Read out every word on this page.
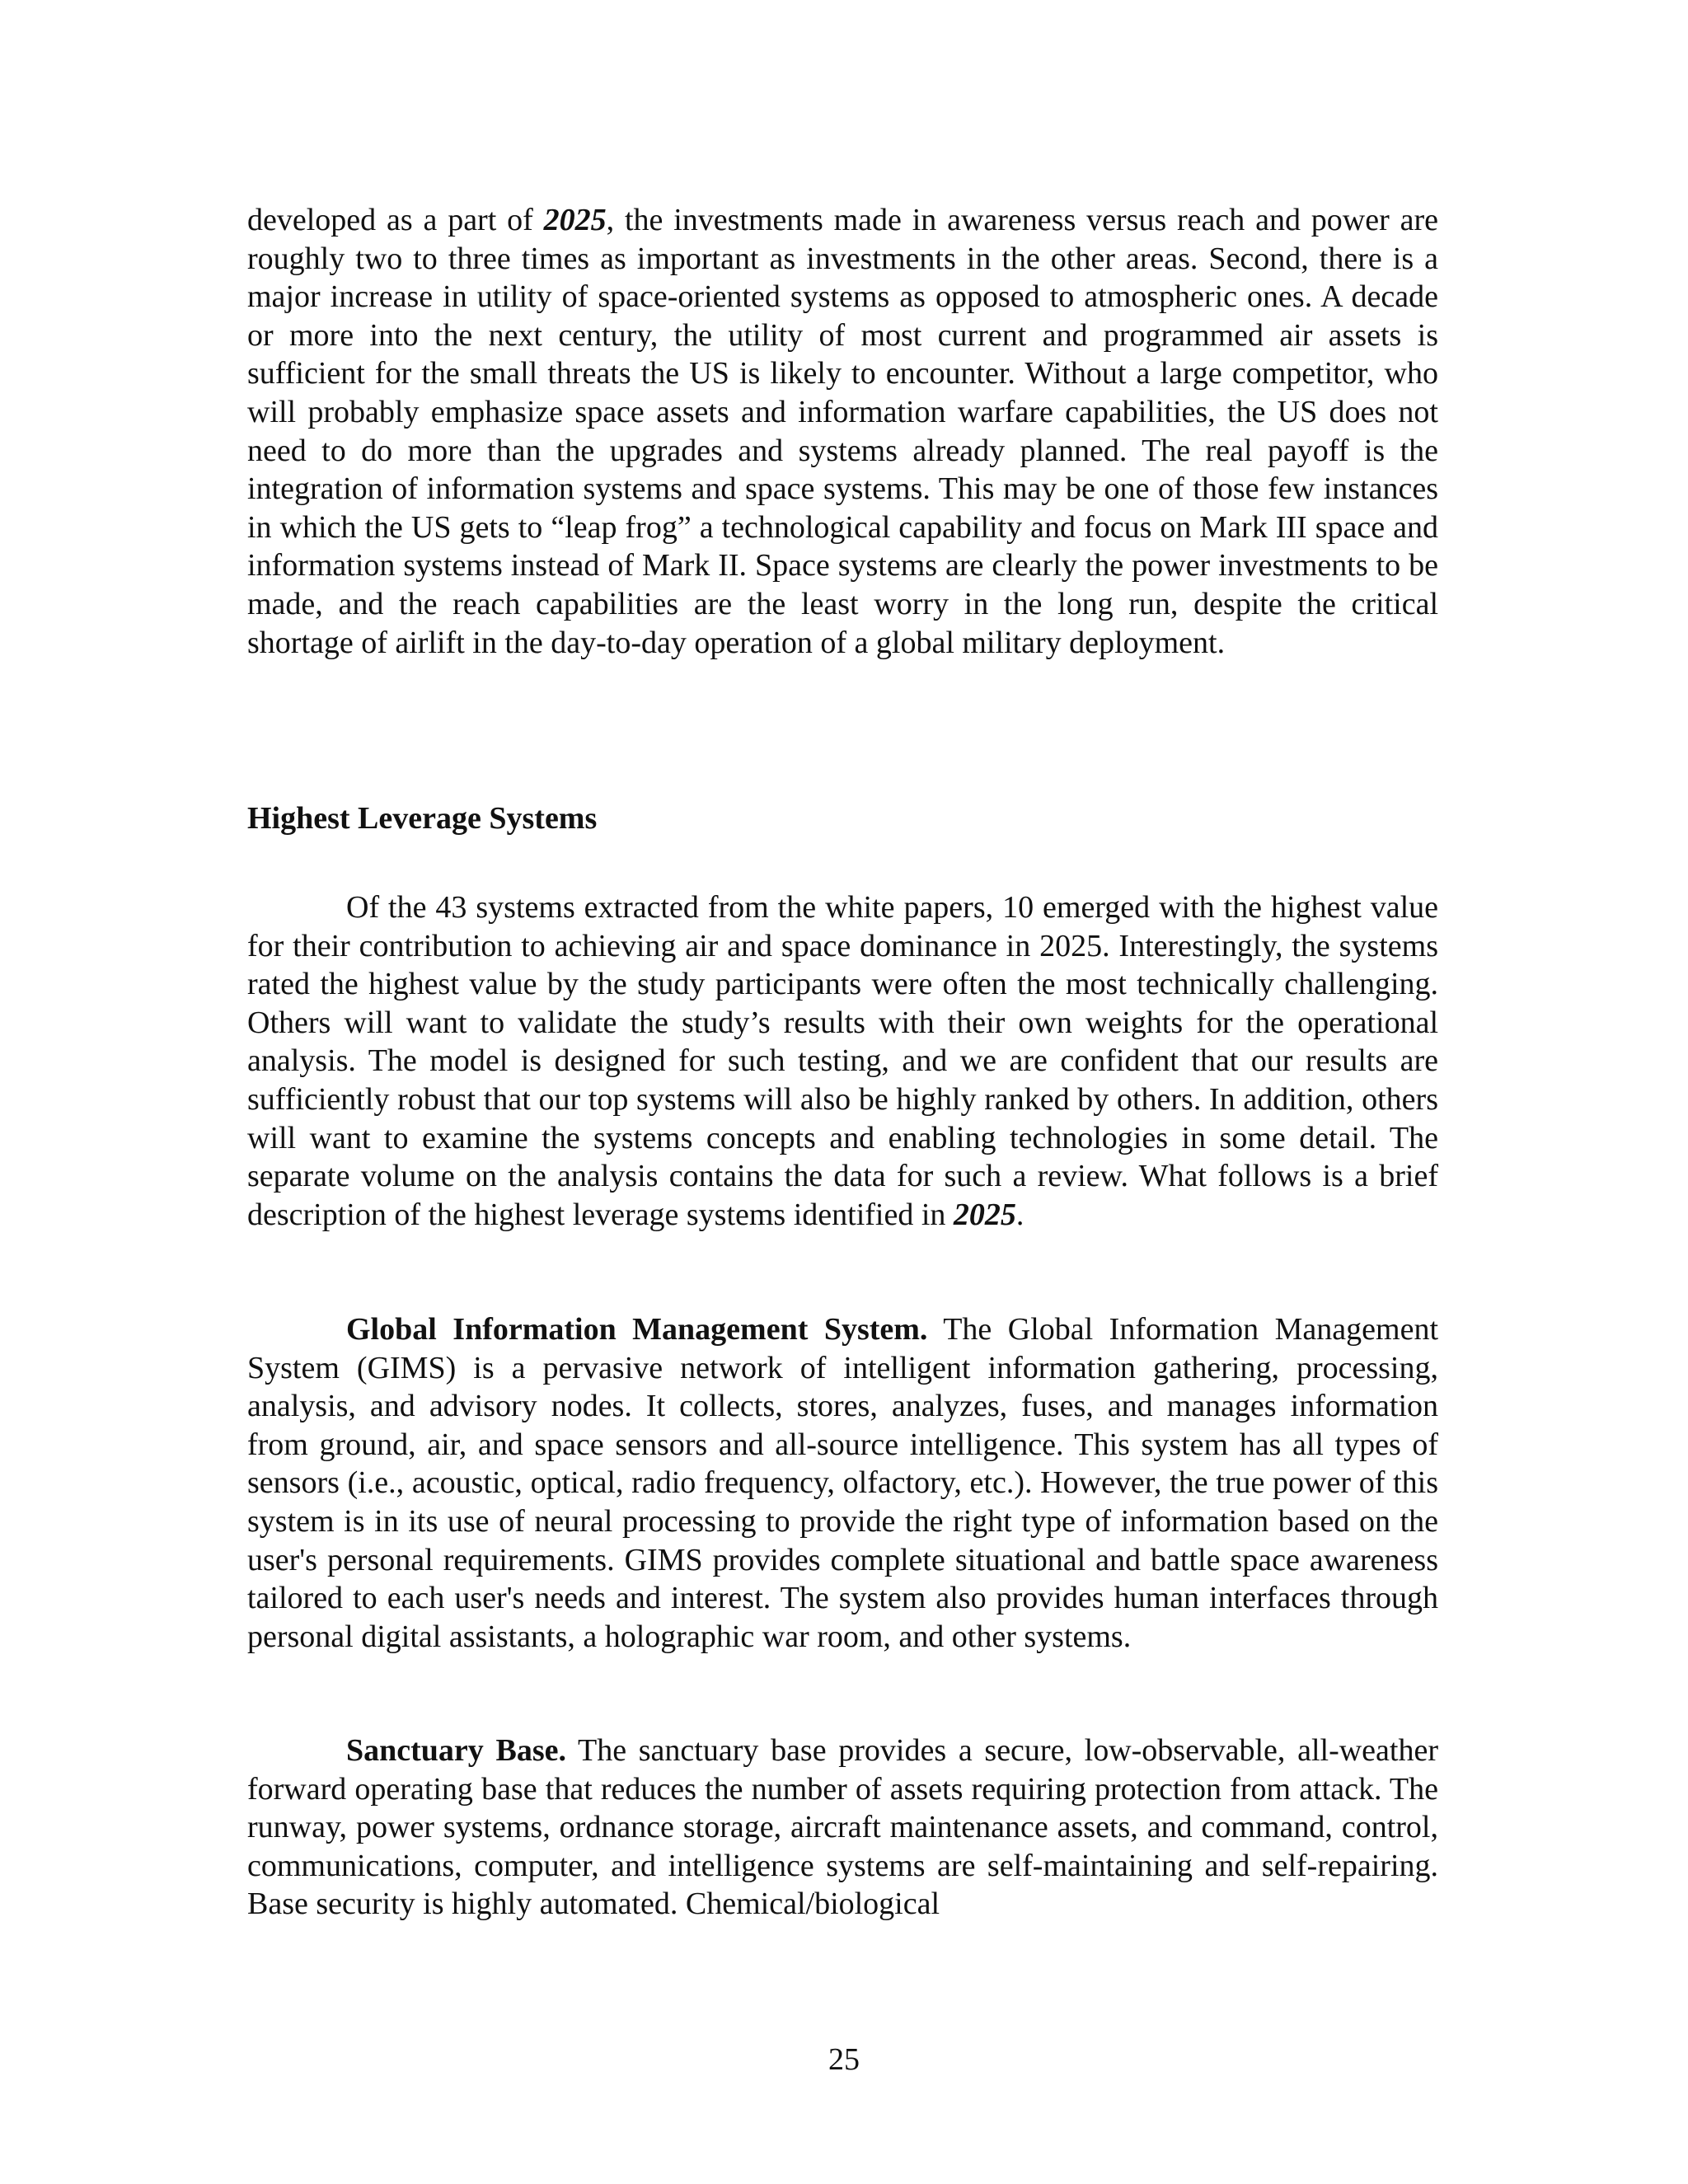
developed as a part of 2025, the investments made in awareness versus reach and power are roughly two to three times as important as investments in the other areas. Second, there is a major increase in utility of space-oriented systems as opposed to atmospheric ones. A decade or more into the next century, the utility of most current and programmed air assets is sufficient for the small threats the US is likely to encounter. Without a large competitor, who will probably emphasize space assets and information warfare capabilities, the US does not need to do more than the upgrades and systems already planned. The real payoff is the integration of information systems and space systems. This may be one of those few instances in which the US gets to “leap frog” a technological capability and focus on Mark III space and information systems instead of Mark II. Space systems are clearly the power investments to be made, and the reach capabilities are the least worry in the long run, despite the critical shortage of airlift in the day-to-day operation of a global military deployment.

Highest Leverage Systems

Of the 43 systems extracted from the white papers, 10 emerged with the highest value for their contribution to achieving air and space dominance in 2025. Interestingly, the systems rated the highest value by the study participants were often the most technically challenging. Others will want to validate the study’s results with their own weights for the operational analysis. The model is designed for such testing, and we are confident that our results are sufficiently robust that our top systems will also be highly ranked by others. In addition, others will want to examine the systems concepts and enabling technologies in some detail. The separate volume on the analysis contains the data for such a review. What follows is a brief description of the highest leverage systems identified in 2025.

Global Information Management System. The Global Information Management System (GIMS) is a pervasive network of intelligent information gathering, processing, analysis, and advisory nodes. It collects, stores, analyzes, fuses, and manages information from ground, air, and space sensors and all-source intelligence. This system has all types of sensors (i.e., acoustic, optical, radio frequency, olfactory, etc.). However, the true power of this system is in its use of neural processing to provide the right type of information based on the user's personal requirements. GIMS provides complete situational and battle space awareness tailored to each user's needs and interest. The system also provides human interfaces through personal digital assistants, a holographic war room, and other systems.

Sanctuary Base. The sanctuary base provides a secure, low-observable, all-weather forward operating base that reduces the number of assets requiring protection from attack. The runway, power systems, ordnance storage, aircraft maintenance assets, and command, control, communications, computer, and intelligence systems are self-maintaining and self-repairing. Base security is highly automated. Chemical/biological

25
